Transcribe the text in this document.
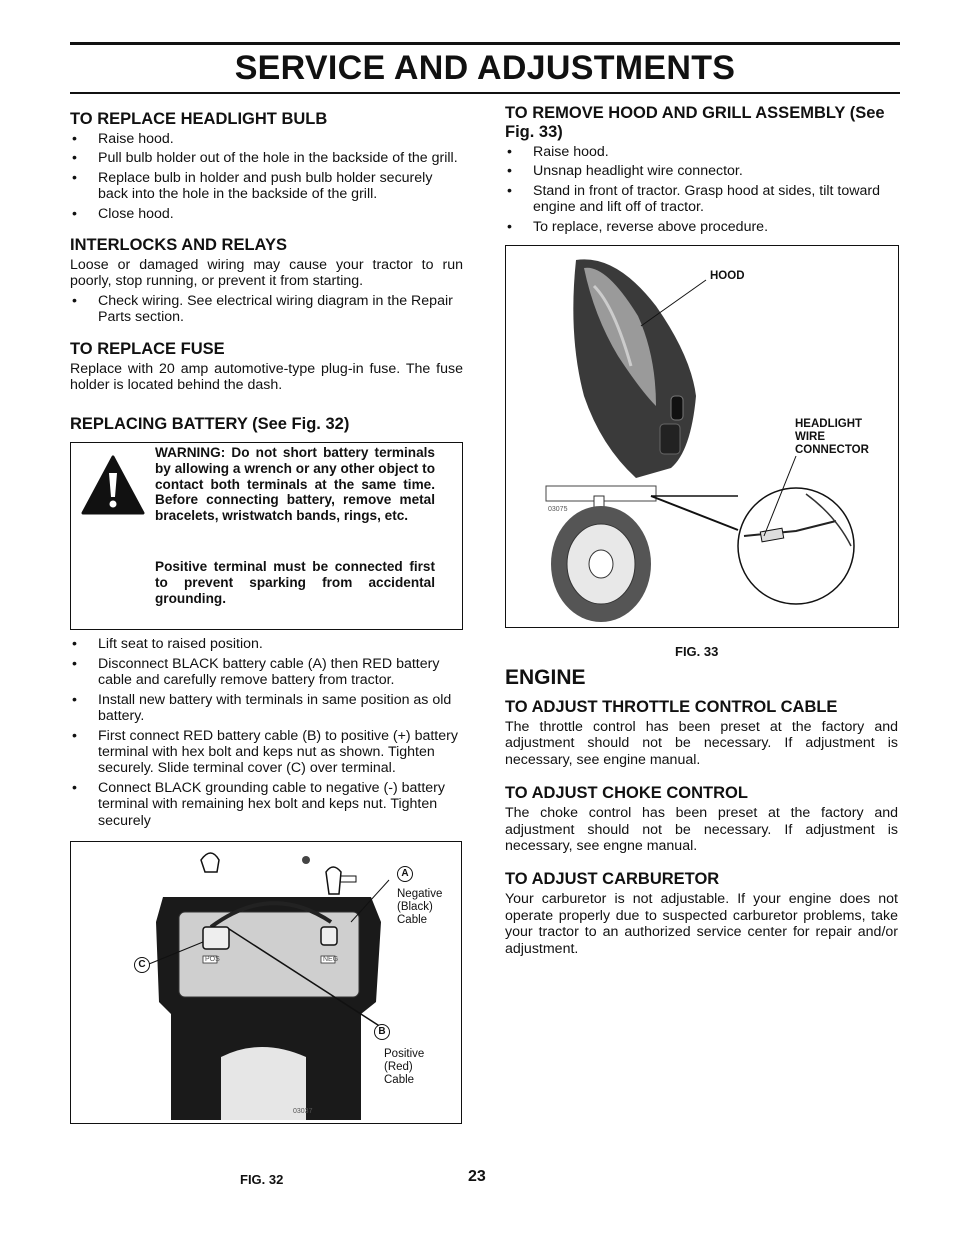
SERVICE AND ADJUSTMENTS
TO REPLACE HEADLIGHT BULB
• Raise hood.
• Pull bulb holder out of the hole in the backside of the grill.
• Replace bulb in holder and push bulb holder securely back into the hole in the backside of the grill.
• Close hood.
INTERLOCKS AND RELAYS

Loose or damaged wiring may cause your tractor to run poorly, stop running, or prevent it from starting.

• Check wiring. See electrical wiring diagram in the Repair Parts section.
TO REPLACE FUSE

Replace with 20 amp automotive-type plug-in fuse. The fuse holder is located behind the dash.

REPLACING BATTERY (See Fig. 32)
WARNING: Do not short battery terminals by allowing a wrench or any other object to contact both terminals at the same time. Before connecting battery, remove metal bracelets, wristwatch bands, rings, etc.
Positive terminal must be connected first to prevent sparking from accidental grounding.
• Lift seat to raised position.
• Disconnect BLACK battery cable (A) then RED battery cable and carefully remove battery from tractor.
• Install new battery with terminals in same position as old battery.
• First connect RED battery cable (B) to positive (+) battery terminal with hex bolt and keps nut as shown. Tighten securely. Slide terminal cover (C) over terminal.
• Connect BLACK grounding cable to negative (-) battery terminal with remaining hex bolt and keps nut. Tighten securely
POS	NEG
A
Negative
(Black)
Cable
B
Positive
(Red)
Cable
C
03037
FIG. 32
TO REMOVE HOOD AND GRILL ASSEMBLY (See Fig. 33)
• Raise hood.
• Unsnap headlight wire connector.
• Stand in front of tractor. Grasp hood at sides, tilt toward engine and lift off of tractor.
• To replace, reverse above procedure.
HOOD
HEADLIGHT
WIRE
CONNECTOR
03075
FIG. 33
ENGINE
TO ADJUST THROTTLE CONTROL CABLE

The throttle control has been preset at the factory and adjustment should not be necessary. If adjustment is necessary, see engine manual.

TO ADJUST CHOKE CONTROL

The choke control has been preset at the factory and adjustment should not be necessary. If adjustment is necessary, see engne manual.

TO ADJUST CARBURETOR

Your carburetor is not adjustable. If your engine does not operate properly due to suspected carburetor problems, take your tractor to an authorized service center for repair and/or adjustment.

23
